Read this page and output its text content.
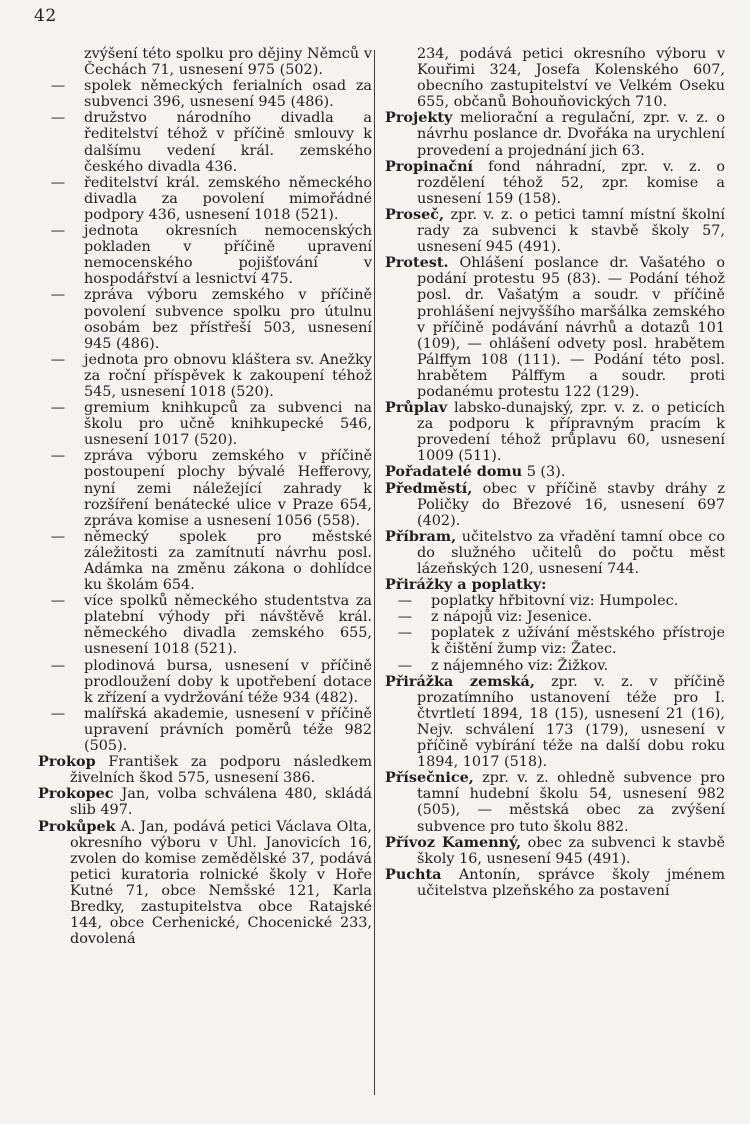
42

zvýšení této spolku pro dějiny Němců v Čechách 71, usnesení 975 (502).

—	spolek německých ferialních osad za subvenci 396, usnesení 945 (486).

—	družstvo národního divadla a ředitelství téhož v příčině smlouvy k dalšímu vedení král. zemského českého divadla 436.

—	ředitelství král. zemského německého divadla za povolení mimořádné podpory 436, usnesení 1018 (521).

—	jednota okresních nemocenských pokladen v příčině upravení nemocenského pojišťování v hospodářství a lesnictví 475.

—	zpráva výboru zemského v příčině povolení subvence spolku pro útulnu osobám bez přístřeší 503, usnesení 945 (486).

—	jednota pro obnovu kláštera sv. Anežky za roční příspěvek k zakoupení téhož 545, usnesení 1018 (520).

—	gremium knihkupců za subvenci na školu pro učně knihkupecké 546, usnesení 1017 (520).

—	zpráva výboru zemského v příčině postoupení plochy bývalé Hefferovy, nyní zemi náležející zahrady k rozšíření benátecké ulice v Praze 654, zpráva komise a usnesení 1056 (558).

—	německý spolek pro městské záležitosti za zamítnutí návrhu posl. Adámka na změnu zákona o dohlídce ku školám 654.

—	více spolků německého studentstva za platební výhody při návštěvě král. německého divadla zemského 655, usnesení 1018 (521).

—	plodinová bursa, usnesení v příčině prodloužení doby k upotřebení dotace k zřízení a vydržování téže 934 (482).

—	malířská akademie, usnesení v příčině upravení právních poměrů téže 982 (505).

Prokop František za podporu následkem živelních škod 575, usnesení 386.

Prokopec Jan, volba schválena 480, skládá slib 497.

Prokůpek A. Jan, podává petici Václava Olta, okresního výboru v Uhl. Janovicích 16, zvolen do komise zemědělské 37, podává petici kuratoria rolnické školy v Hoře Kutné 71, obce Nemšské 121, Karla Bredky, zastupitelstva obce Ratajské 144, obce Cerhenické, Chocenické 233, dovolená

234, podává petici okresního výboru v Kouřimi 324, Josefa Kolenského 607, obecního zastupitelství ve Velkém Oseku 655, občanů Bohouňovických 710.

Projekty meliorační a regulační, zpr. v. z. o návrhu poslance dr. Dvořáka na urychlení provedení a projednání jich 63.

Propinační fond náhradní, zpr. v. z. o rozdělení téhož 52, zpr. komise a usnesení 159 (158).

Proseč, zpr. v. z. o petici tamní místní školní rady za subvenci k stavbě školy 57, usnesení 945 (491).

Protest. Ohlášení poslance dr. Vašatého o podání protestu 95 (83). — Podání téhož posl. dr. Vašatým a soudr. v příčině prohlášení nejvyššího maršálka zemského v příčině podávání návrhů a dotazů 101 (109), — ohlášení odvety posl. hrabětem Pálffym 108 (111). — Podání této posl. hrabětem Pálffym a soudr. proti podanému protestu 122 (129).

Průplav labsko-dunajský, zpr. v. z. o peticích za podporu k přípravným pracím k provedení téhož průplavu 60, usnesení 1009 (511).

Pořadatelé domu 5 (3).

Předměstí, obec v příčině stavby dráhy z Poličky do Březové 16, usnesení 697 (402).

Příbram, učitelstvo za vřadění tamní obce co do služného učitelů do počtu měst lázeňských 120, usnesení 744.

Přirážky a poplatky:

—	poplatky hřbitovní viz: Humpolec.

—	z nápojů viz: Jesenice.

—	poplatek z užívání městského přístroje k čištění žump viz: Žatec.

—	z nájemného viz: Žižkov.

Přirážka zemská, zpr. v. z. v příčině prozatímního ustanovení téže pro I. čtvrtletí 1894, 18 (15), usnesení 21 (16), Nejv. schválení 173 (179), usnesení v příčině vybírání téže na další dobu roku 1894, 1017 (518).

Přísečnice, zpr. v. z. ohledně subvence pro tamní hudební školu 54, usnesení 982 (505), — městská obec za zvýšení subvence pro tuto školu 882.

Přívoz Kamenný, obec za subvenci k stavbě školy 16, usnesení 945 (491).

Puchta Antonín, správce školy jménem učitelstva plzeňského za postavení
